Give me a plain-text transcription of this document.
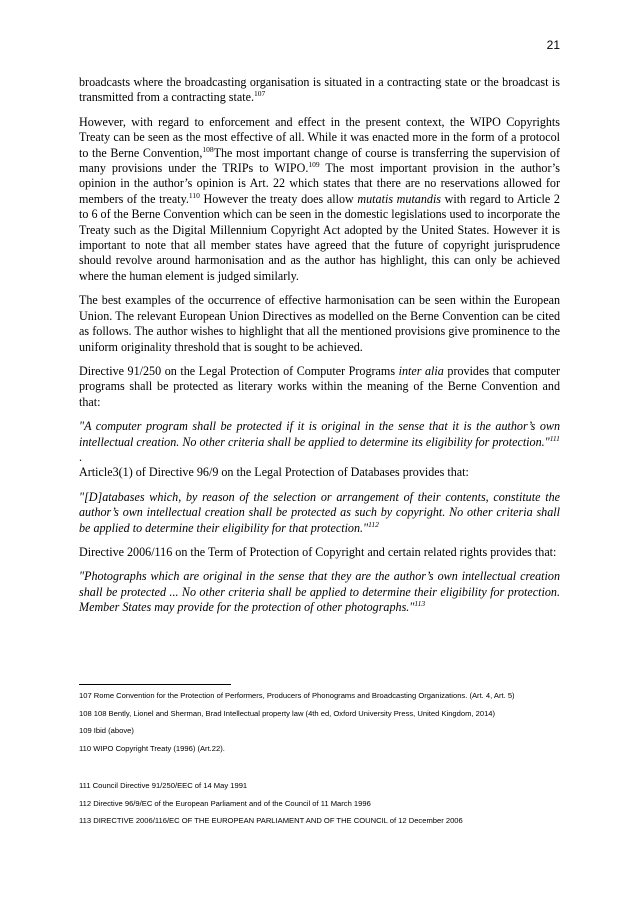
21

broadcasts where the broadcasting organisation is situated in a contracting state or the broadcast is transmitted from a contracting state.$^{107}$

However, with regard to enforcement and effect in the present context, the WIPO Copyrights Treaty can be seen as the most effective of all. While it was enacted more in the form of a protocol to the Berne Convention,$^{108}$The most important change of course is transferring the supervision of many provisions under the TRIPs to WIPO.$^{109}$ The most important provision in the author’s opinion in the author’s opinion is Art. 22 which states that there are no reservations allowed for members of the treaty.$^{110}$ However the treaty does allow mutatis mutandis with regard to Article 2 to 6 of the Berne Convention which can be seen in the domestic legislations used to incorporate the Treaty such as the Digital Millennium Copyright Act adopted by the United States. However it is important to note that all member states have agreed that the future of copyright jurisprudence should revolve around harmonisation and as the author has highlight, this can only be achieved where the human element is judged similarly.

The best examples of the occurrence of effective harmonisation can be seen within the European Union. The relevant European Union Directives as modelled on the Berne Convention can be cited as follows. The author wishes to highlight that all the mentioned provisions give prominence to the uniform originality threshold that is sought to be achieved.

Directive 91/250 on the Legal Protection of Computer Programs inter alia provides that computer programs shall be protected as literary works within the meaning of the Berne Convention and that:

"A computer program shall be protected if it is original in the sense that it is the author’s own intellectual creation. No other criteria shall be applied to determine its eligibility for protection."$^{111}$

.

Article3(1) of Directive 96/9 on the Legal Protection of Databases provides that:

"[D]atabases which, by reason of the selection or arrangement of their contents, constitute the author’s own intellectual creation shall be protected as such by copyright. No other criteria shall be applied to determine their eligibility for that protection."$^{112}$

Directive 2006/116 on the Term of Protection of Copyright and certain related rights provides that:

"Photographs which are original in the sense that they are the author’s own intellectual creation shall be protected ... No other criteria shall be applied to determine their eligibility for protection. Member States may provide for the protection of other photographs."$^{113}$

107 Rome Convention for the Protection of Performers, Producers of Phonograms and Broadcasting Organizations. (Art. 4, Art. 5)
108 108 Bently, Lionel and Sherman, Brad Intellectual property law (4th ed, Oxford University Press, United Kingdom, 2014)
109 Ibid (above)
110 WIPO Copyright Treaty (1996) (Art.22).
111 Council Directive 91/250/EEC of 14 May 1991
112 Directive 96/9/EC of the European Parliament and of the Council of 11 March 1996
113 DIRECTIVE 2006/116/EC OF THE EUROPEAN PARLIAMENT AND OF THE COUNCIL of 12 December 2006
